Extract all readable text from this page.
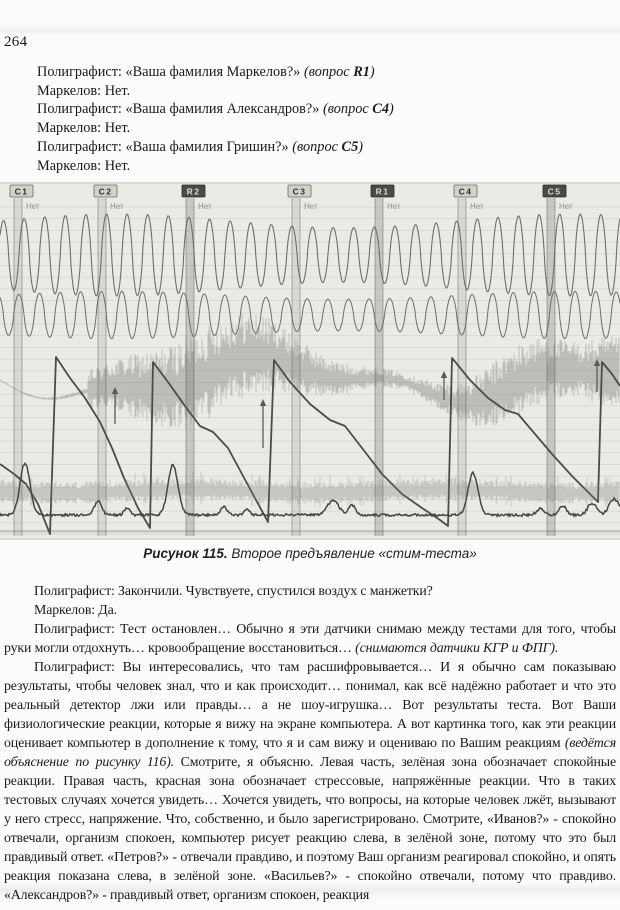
264

Полиграфист: «Ваша фамилия Маркелов?» (вопрос R1)

Маркелов: Нет.

Полиграфист: «Ваша фамилия Александров?» (вопрос C4)

Маркелов: Нет.

Полиграфист: «Ваша фамилия Гришин?» (вопрос C5)

Маркелов: Нет.

C1
Нет
C2
Нет
R2
Нет
C3
Нет
R1
Нет
C4
Нет
C5
Нет
Рисунок 115. Второе предъявление «стим-теста»

Полиграфист: Закончили. Чувствуете, спустился воздух с манжетки?

Маркелов: Да.

Полиграфист: Тест остановлен… Обычно я эти датчики снимаю между тестами для того, чтобы руки могли отдохнуть… кровообращение восстановиться… (снимаются датчики КГР и ФПГ).

Полиграфист: Вы интересовались, что там расшифровывается… И я обычно сам показываю результаты, чтобы человек знал, что и как происходит… понимал, как всё надёжно работает и что это реальный детектор лжи или правды… а не шоу-игрушка… Вот результаты теста. Вот Ваши физиологические реакции, которые я вижу на экране компьютера. А вот картинка того, как эти реакции оценивает компьютер в дополнение к тому, что я и сам вижу и оцениваю по Вашим реакциям (ведётся объяснение по рисунку 116). Смотрите, я объясню. Левая часть, зелёная зона обозначает спокойные реакции. Правая часть, красная зона обозначает стрессовые, напряжённые реакции. Что в таких тестовых случаях хочется увидеть… Хочется увидеть, что вопросы, на которые человек лжёт, вызывают у него стресс, напряжение. Что, собственно, и было зарегистрировано. Смотрите, «Иванов?» - спокойно отвечали, организм спокоен, компьютер рисует реакцию слева, в зелёной зоне, потому что это был правдивый ответ. «Петров?» - отвечали правдиво, и поэтому Ваш организм реагировал спокойно, и опять реакция показана слева, в зелёной зоне. «Васильев?» - спокойно отвечали, потому что правдиво. «Александров?» - правдивый ответ, организм спокоен, реакция
